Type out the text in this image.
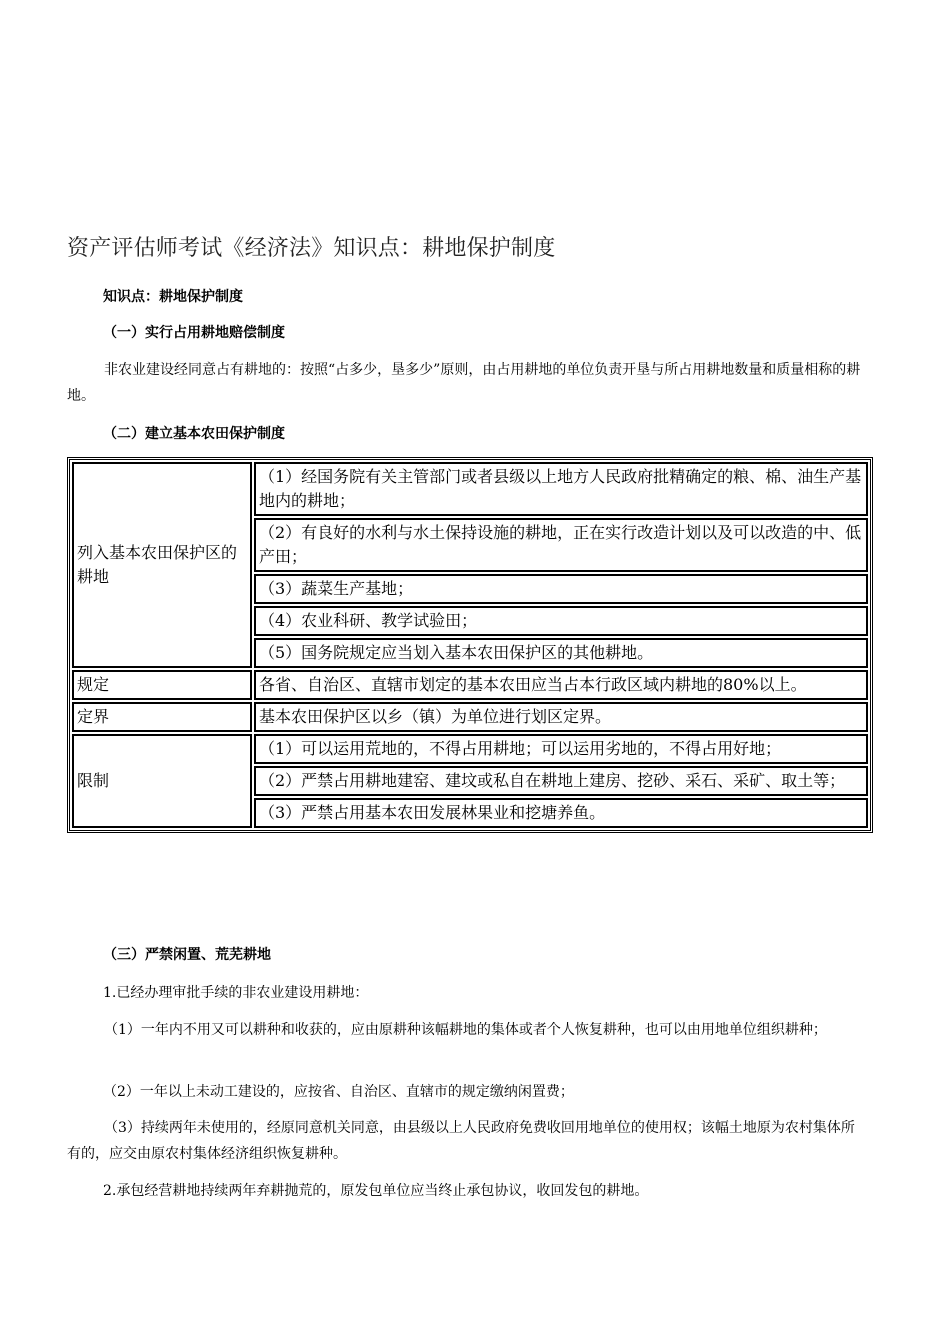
资产评估师考试《经济法》知识点：耕地保护制度
知识点：耕地保护制度
（一）实行占用耕地赔偿制度
非农业建设经同意占有耕地的：按照“占多少，垦多少”原则，由占用耕地的单位负责开垦与所占用耕地数量和质量相称的耕地。
（二）建立基本农田保护制度
列入基本农田保护区的耕地	（1）经国务院有关主管部门或者县级以上地方人民政府批精确定的粮、棉、油生产基地内的耕地；
	（2）有良好的水利与水土保持设施的耕地，正在实行改造计划以及可以改造的中、低产田；
	（3）蔬菜生产基地；
	（4）农业科研、教学试验田；
	（5）国务院规定应当划入基本农田保护区的其他耕地。
规定	各省、自治区、直辖市划定的基本农田应当占本行政区域内耕地的80%以上。
定界	基本农田保护区以乡（镇）为单位进行划区定界。
限制	（1）可以运用荒地的，不得占用耕地；可以运用劣地的，不得占用好地；
	（2）严禁占用耕地建窑、建坟或私自在耕地上建房、挖砂、采石、采矿、取土等；
	（3）严禁占用基本农田发展林果业和挖塘养鱼。
（三）严禁闲置、荒芜耕地
1.已经办理审批手续的非农业建设用耕地：
（1）一年内不用又可以耕种和收获的，应由原耕种该幅耕地的集体或者个人恢复耕种，也可以由用地单位组织耕种；
（2）一年以上未动工建设的，应按省、自治区、直辖市的规定缴纳闲置费；
（3）持续两年未使用的，经原同意机关同意，由县级以上人民政府免费收回用地单位的使用权；该幅土地原为农村集体所有的，应交由原农村集体经济组织恢复耕种。
2.承包经营耕地持续两年弃耕抛荒的，原发包单位应当终止承包协议，收回发包的耕地。
